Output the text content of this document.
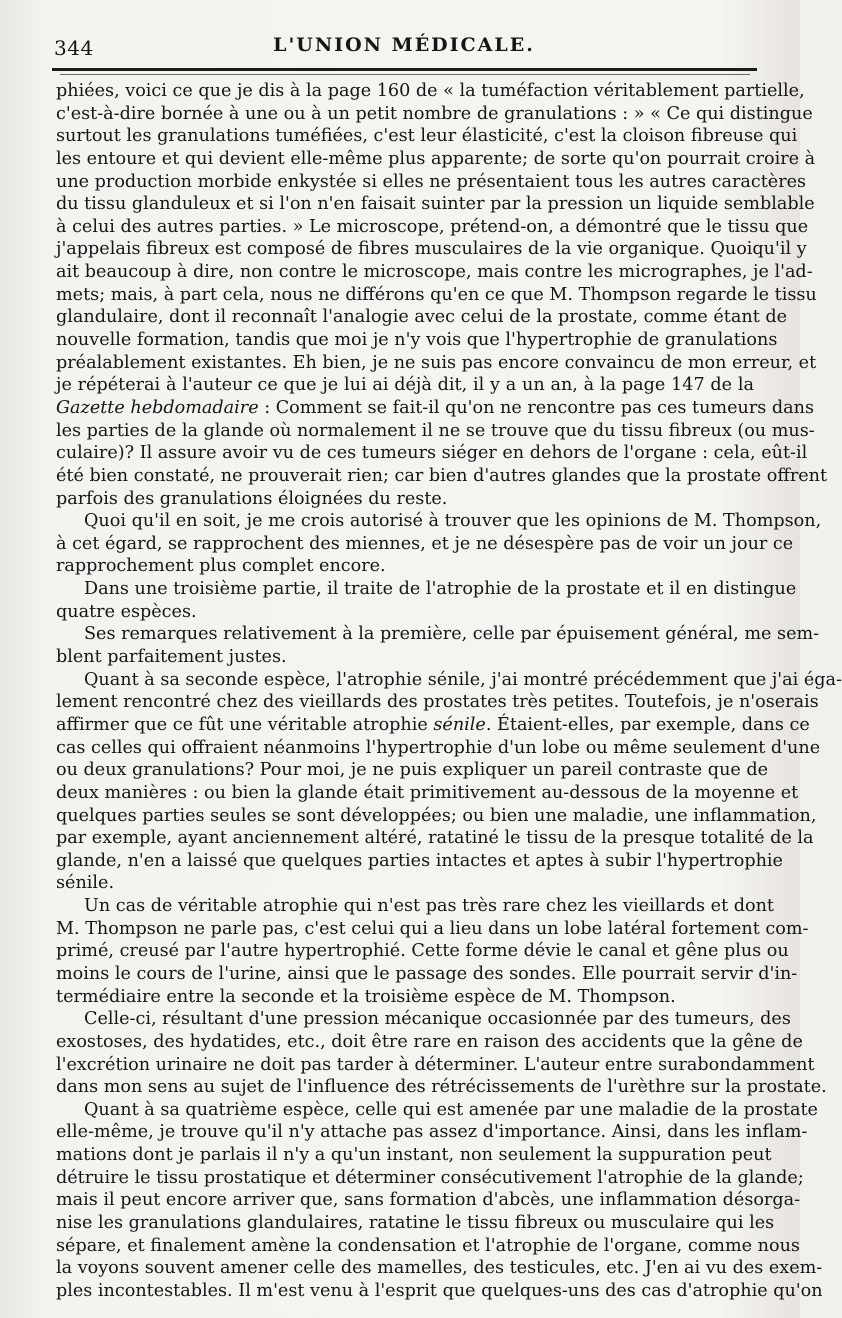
344	L'UNION MÉDICALE.
phiées, voici ce que je dis à la page 160 de « la tuméfaction véritablement partielle,
c'est-à-dire bornée à une ou à un petit nombre de granulations : » « Ce qui distingue
surtout les granulations tuméfiées, c'est leur élasticité, c'est la cloison fibreuse qui
les entoure et qui devient elle-même plus apparente; de sorte qu'on pourrait croire à
une production morbide enkystée si elles ne présentaient tous les autres caractères
du tissu glanduleux et si l'on n'en faisait suinter par la pression un liquide semblable
à celui des autres parties. » Le microscope, prétend-on, a démontré que le tissu que
j'appelais fibreux est composé de fibres musculaires de la vie organique. Quoiqu'il y
ait beaucoup à dire, non contre le microscope, mais contre les micrographes, je l'ad-
mets; mais, à part cela, nous ne différons qu'en ce que M. Thompson regarde le tissu
glandulaire, dont il reconnaît l'analogie avec celui de la prostate, comme étant de
nouvelle formation, tandis que moi je n'y vois que l'hypertrophie de granulations
préalablement existantes. Eh bien, je ne suis pas encore convaincu de mon erreur, et
je répéterai à l'auteur ce que je lui ai déjà dit, il y a un an, à la page 147 de la
Gazette hebdomadaire : Comment se fait-il qu'on ne rencontre pas ces tumeurs dans
les parties de la glande où normalement il ne se trouve que du tissu fibreux (ou mus-
culaire)? Il assure avoir vu de ces tumeurs siéger en dehors de l'organe : cela, eût-il
été bien constaté, ne prouverait rien; car bien d'autres glandes que la prostate offrent
parfois des granulations éloignées du reste.
Quoi qu'il en soit, je me crois autorisé à trouver que les opinions de M. Thompson,
à cet égard, se rapprochent des miennes, et je ne désespère pas de voir un jour ce
rapprochement plus complet encore.
Dans une troisième partie, il traite de l'atrophie de la prostate et il en distingue
quatre espèces.
Ses remarques relativement à la première, celle par épuisement général, me sem-
blent parfaitement justes.
Quant à sa seconde espèce, l'atrophie sénile, j'ai montré précédemment que j'ai éga-
lement rencontré chez des vieillards des prostates très petites. Toutefois, je n'oserais
affirmer que ce fût une véritable atrophie sénile. Étaient-elles, par exemple, dans ce
cas celles qui offraient néanmoins l'hypertrophie d'un lobe ou même seulement d'une
ou deux granulations? Pour moi, je ne puis expliquer un pareil contraste que de
deux manières : ou bien la glande était primitivement au-dessous de la moyenne et
quelques parties seules se sont développées; ou bien une maladie, une inflammation,
par exemple, ayant anciennement altéré, ratatiné le tissu de la presque totalité de la
glande, n'en a laissé que quelques parties intactes et aptes à subir l'hypertrophie
sénile.
Un cas de véritable atrophie qui n'est pas très rare chez les vieillards et dont
M. Thompson ne parle pas, c'est celui qui a lieu dans un lobe latéral fortement com-
primé, creusé par l'autre hypertrophié. Cette forme dévie le canal et gêne plus ou
moins le cours de l'urine, ainsi que le passage des sondes. Elle pourrait servir d'in-
termédiaire entre la seconde et la troisième espèce de M. Thompson.
Celle-ci, résultant d'une pression mécanique occasionnée par des tumeurs, des
exostoses, des hydatides, etc., doit être rare en raison des accidents que la gêne de
l'excrétion urinaire ne doit pas tarder à déterminer. L'auteur entre surabondamment
dans mon sens au sujet de l'influence des rétrécissements de l'urèthre sur la prostate.
Quant à sa quatrième espèce, celle qui est amenée par une maladie de la prostate
elle-même, je trouve qu'il n'y attache pas assez d'importance. Ainsi, dans les inflam-
mations dont je parlais il n'y a qu'un instant, non seulement la suppuration peut
détruire le tissu prostatique et déterminer consécutivement l'atrophie de la glande;
mais il peut encore arriver que, sans formation d'abcès, une inflammation désorga-
nise les granulations glandulaires, ratatine le tissu fibreux ou musculaire qui les
sépare, et finalement amène la condensation et l'atrophie de l'organe, comme nous
la voyons souvent amener celle des mamelles, des testicules, etc. J'en ai vu des exem-
ples incontestables. Il m'est venu à l'esprit que quelques-uns des cas d'atrophie qu'on
